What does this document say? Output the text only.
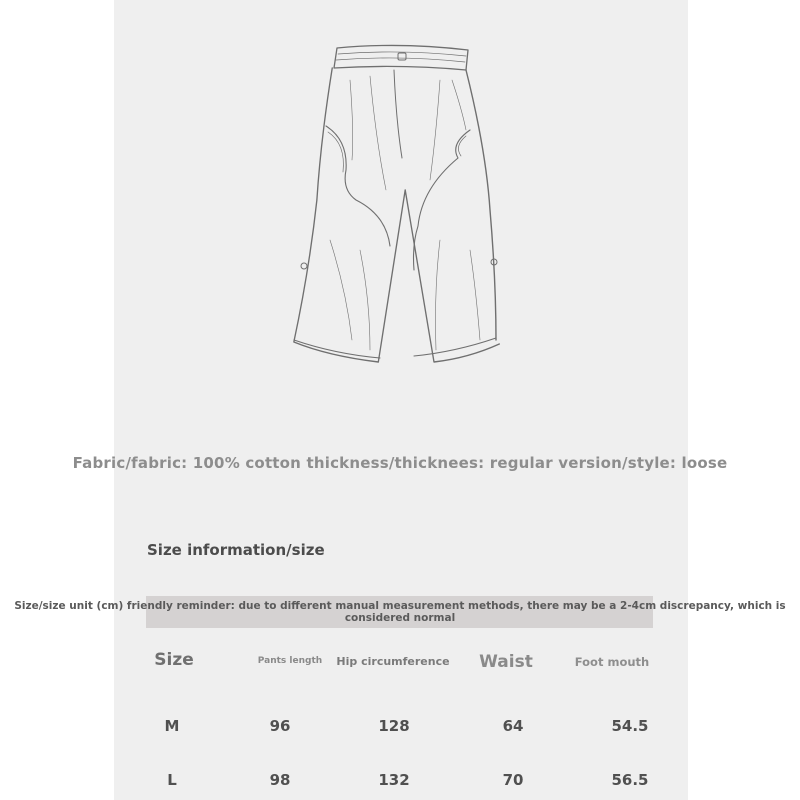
Fabric/fabric: 100% cotton thickness/thicknees: regular version/style: loose
Size information/size
Size/size unit (cm) friendly reminder: due to different manual measurement methods, there may be a 2-4cm discrepancy, which is considered normal
Size	Pants length	Hip circumference	Waist	Foot mouth
M	96	128	64	54.5
L	98	132	70	56.5
